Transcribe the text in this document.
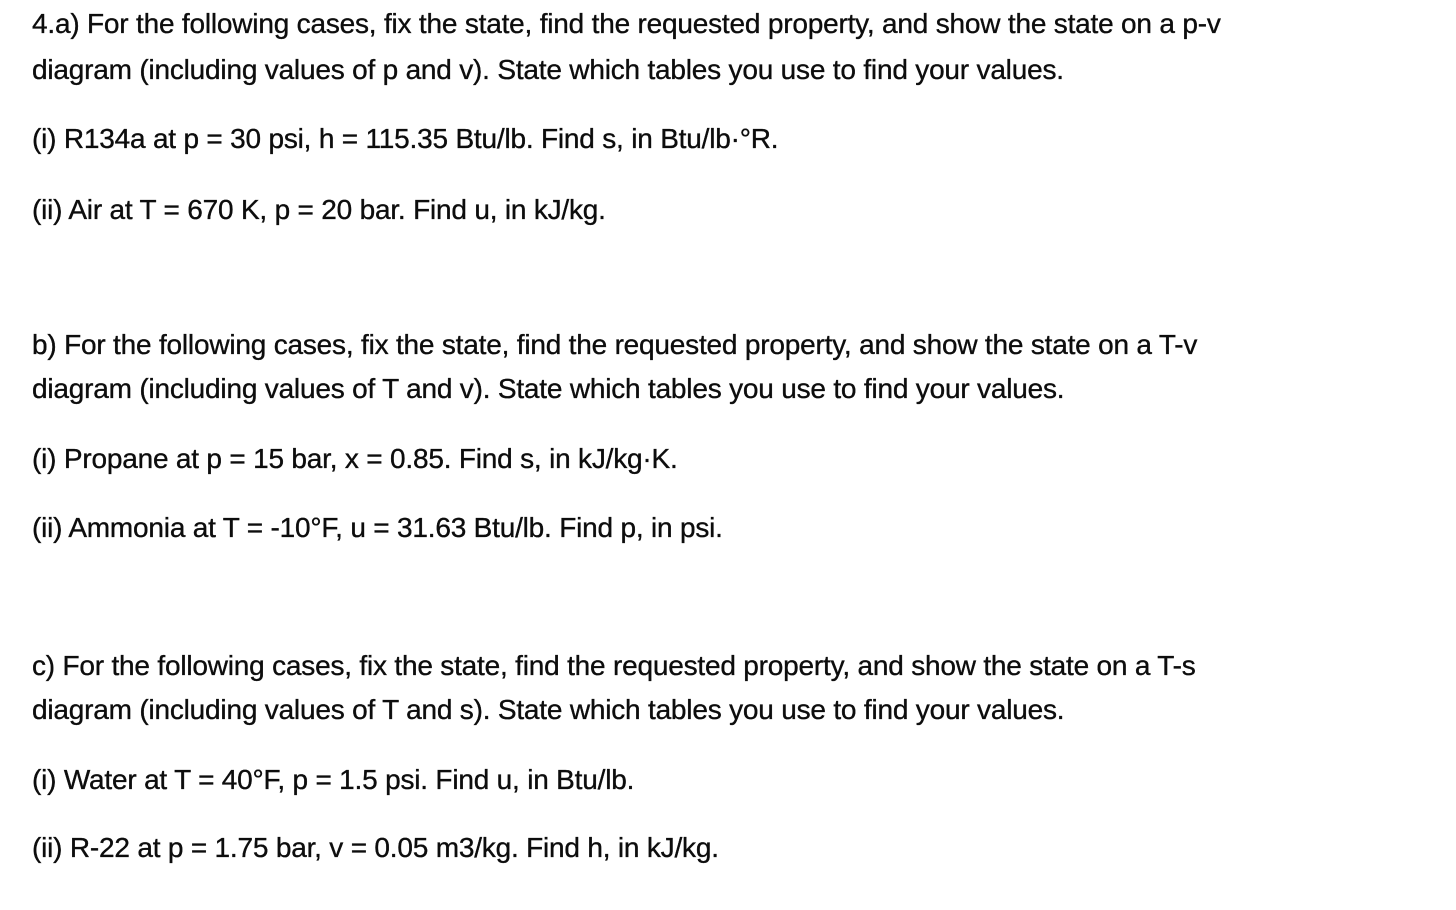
4.a) For the following cases, fix the state, find the requested property, and show the state on a p-v
diagram (including values of p and v). State which tables you use to find your values.
(i) R134a at p = 30 psi, h = 115.35 Btu/lb. Find s, in Btu/lb·°R.
(ii) Air at T = 670 K, p = 20 bar. Find u, in kJ/kg.
b) For the following cases, fix the state, find the requested property, and show the state on a T-v
diagram (including values of T and v). State which tables you use to find your values.
(i) Propane at p = 15 bar, x = 0.85. Find s, in kJ/kg·K.
(ii) Ammonia at T = -10°F, u = 31.63 Btu/lb. Find p, in psi.
c) For the following cases, fix the state, find the requested property, and show the state on a T-s
diagram (including values of T and s). State which tables you use to find your values.
(i) Water at T = 40°F, p = 1.5 psi. Find u, in Btu/lb.
(ii) R-22 at p = 1.75 bar, v = 0.05 m3/kg. Find h, in kJ/kg.
